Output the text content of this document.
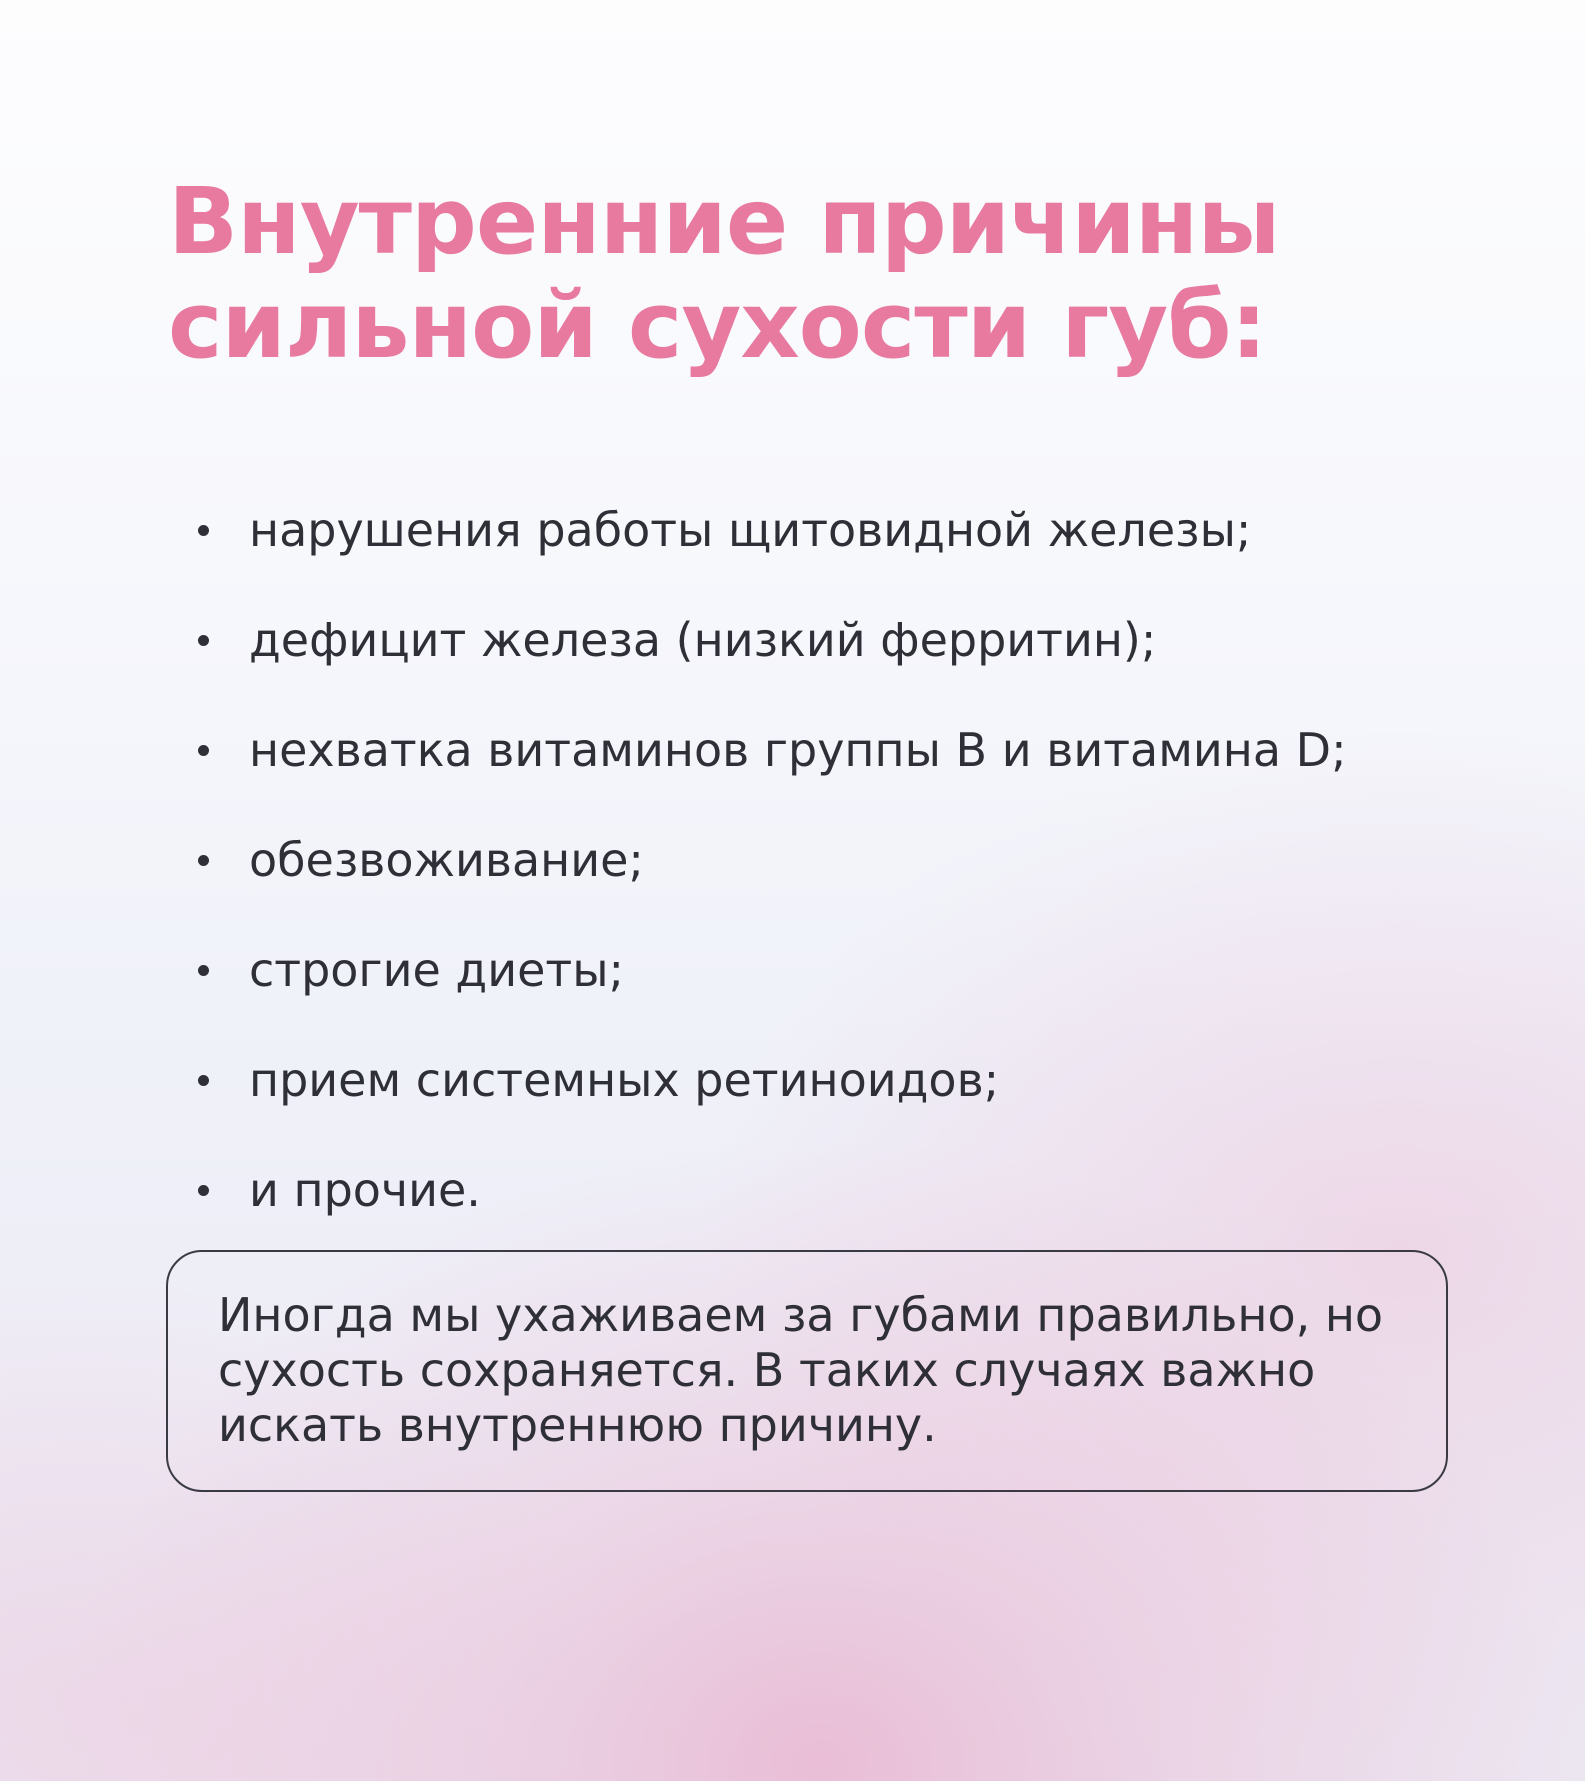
Внутренние причины
сильной сухости губ:
нарушения работы щитовидной железы;
дефицит железа (низкий ферритин);
нехватка витаминов группы B и витамина D;
обезвоживание;
строгие диеты;
прием системных ретиноидов;
и прочие.

Иногда мы ухаживаем за губами правильно, но сухость сохраняется. В таких случаях важно искать внутреннюю причину.
